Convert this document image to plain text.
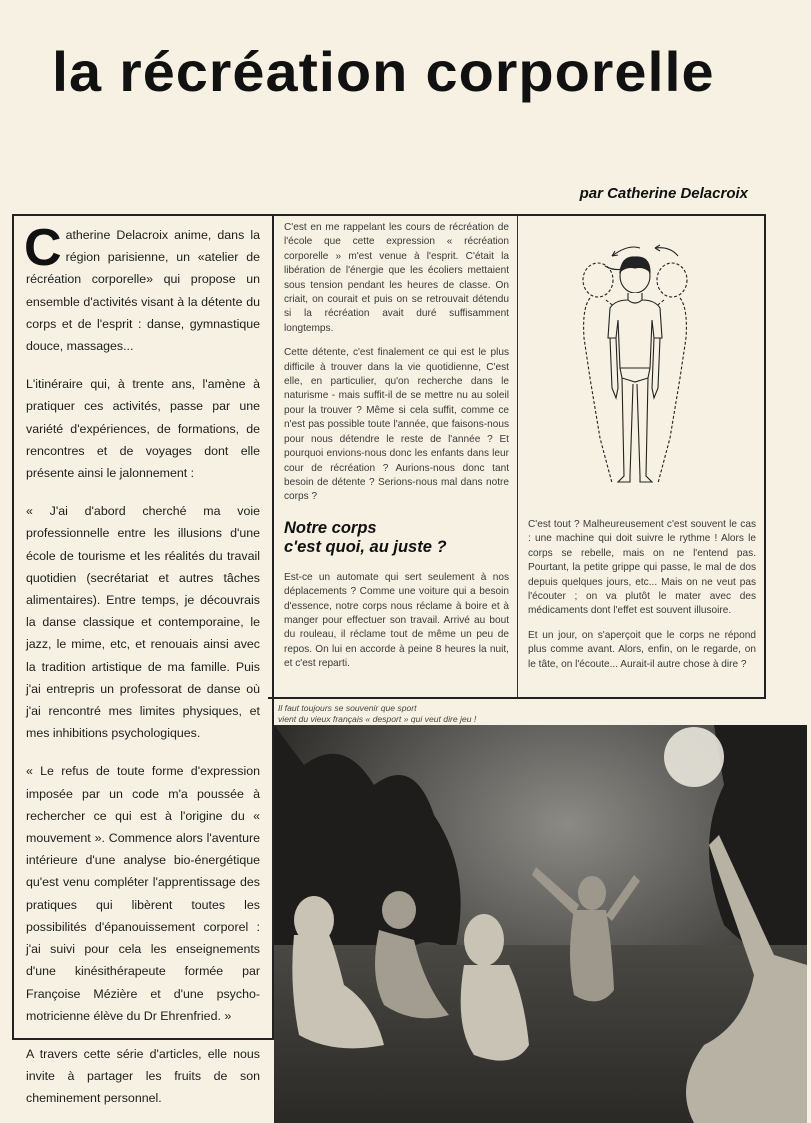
la récréation corporelle
par Catherine Delacroix

Catherine Delacroix anime, dans la région parisienne, un «atelier de récréation corporelle» qui propose un ensemble d'activités visant à la détente du corps et de l'esprit : danse, gymnastique douce, massages...

L'itinéraire qui, à trente ans, l'amène à pratiquer ces activités, passe par une variété d'expériences, de formations, de rencontres et de voyages dont elle présente ainsi le jalonnement :

« J'ai d'abord cherché ma voie professionnelle entre les illusions d'une école de tourisme et les réalités du travail quotidien (secrétariat et autres tâches alimentaires). Entre temps, je découvrais la danse classique et contemporaine, le jazz, le mime, etc, et renouais ainsi avec la tradition artistique de ma famille. Puis j'ai entrepris un professorat de danse où j'ai rencontré mes limites physiques, et mes inhibitions psychologiques.

« Le refus de toute forme d'expression imposée par un code m'a poussée à rechercher ce qui est à l'origine du « mouvement ». Commence alors l'aventure intérieure d'une analyse bio-énergétique qu'est venu compléter l'apprentissage des pratiques qui libèrent toutes les possibilités d'épanouissement corporel : j'ai suivi pour cela les enseignements d'une kinésithérapeute formée par Françoise Mézière et d'une psycho-motricienne élève du Dr Ehrenfried. »

A travers cette série d'articles, elle nous invite à partager les fruits de son cheminement personnel.

C'est en me rappelant les cours de récréation de l'école que cette expression « récréation corporelle » m'est venue à l'esprit. C'était la libération de l'énergie que les écoliers mettaient sous tension pendant les heures de classe. On criait, on courait et puis on se retrouvait détendu si la récréation avait duré suffisamment longtemps.

Cette détente, c'est finalement ce qui est le plus difficile à trouver dans la vie quotidienne, C'est elle, en particulier, qu'on recherche dans le naturisme - mais suffit-il de se mettre nu au soleil pour la trouver ? Même si cela suffit, comme ce n'est pas possible toute l'année, que faisons-nous pour nous détendre le reste de l'année ? Et pourquoi envions-nous donc les enfants dans leur cour de récréation ? Aurions-nous donc tant besoin de détente ? Serions-nous mal dans notre corps ?

Notre corps
c'est quoi, au juste ?

Est-ce un automate qui sert seulement à nos déplacements ? Comme une voiture qui a besoin d'essence, notre corps nous réclame à boire et à manger pour effectuer son travail. Arrivé au bout du rouleau, il réclame tout de même un peu de repos. On lui en accorde à peine 8 heures la nuit, et c'est reparti.

C'est tout ? Malheureusement c'est souvent le cas : une machine qui doit suivre le rythme ! Alors le corps se rebelle, mais on ne l'entend pas. Pourtant, la petite grippe qui passe, le mal de dos depuis quelques jours, etc... Mais on ne veut pas l'écouter ; on va plutôt le mater avec des médicaments dont l'effet est souvent illusoire.

Et un jour, on s'aperçoit que le corps ne répond plus comme avant. Alors, enfin, on le regarde, on le tâte, on l'écoute... Aurait-il autre chose à dire ?

Il faut toujours se souvenir que sport
vient du vieux français « desport » qui veut dire jeu !
